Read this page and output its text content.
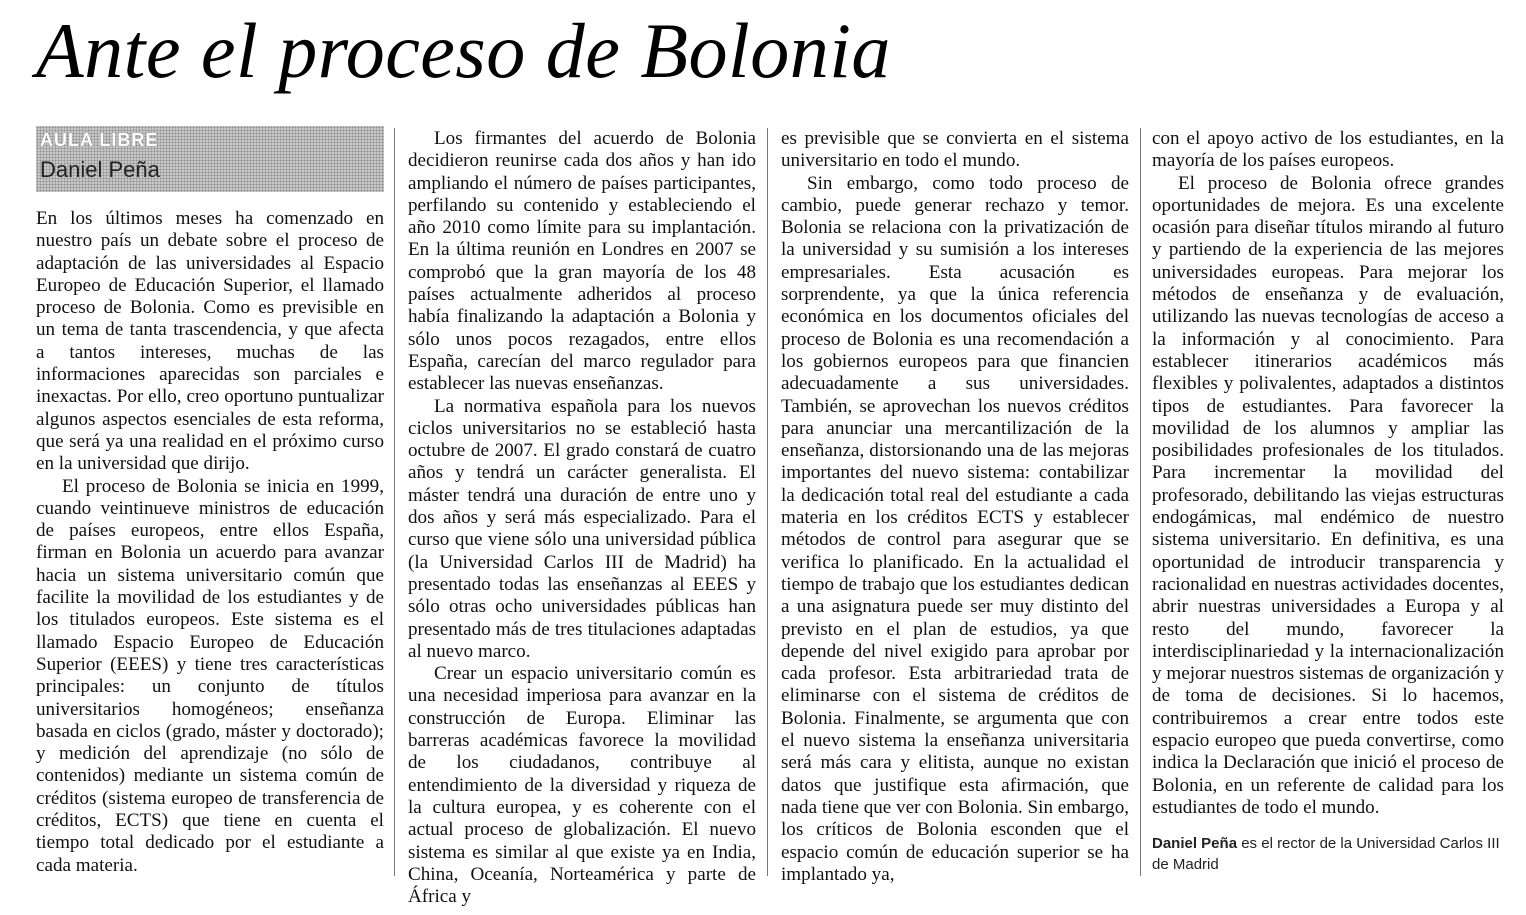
Ante el proceso de Bolonia
AULA LIBRE
Daniel Peña

En los últimos meses ha comenzado en nuestro país un debate sobre el proceso de adaptación de las universidades al Espacio Europeo de Educación Superior, el llamado proceso de Bolonia. Como es previsible en un tema de tanta trascendencia, y que afecta a tantos intereses, muchas de las informaciones aparecidas son parciales e inexactas. Por ello, creo oportuno puntualizar algunos aspectos esenciales de esta reforma, que será ya una realidad en el próximo curso en la universidad que dirijo.

El proceso de Bolonia se inicia en 1999, cuando veintinueve ministros de educación de países europeos, entre ellos España, firman en Bolonia un acuerdo para avanzar hacia un sistema universitario común que facilite la movilidad de los estudiantes y de los titulados europeos. Este sistema es el llamado Espacio Europeo de Educación Superior (EEES) y tiene tres características principales: un conjunto de títulos universitarios homogéneos; enseñanza basada en ciclos (grado, máster y doctorado); y medición del aprendizaje (no sólo de contenidos) mediante un sistema común de créditos (sistema europeo de transferencia de créditos, ECTS) que tiene en cuenta el tiempo total dedicado por el estudiante a cada materia.

Los firmantes del acuerdo de Bolonia decidieron reunirse cada dos años y han ido ampliando el número de países participantes, perfilando su contenido y estableciendo el año 2010 como límite para su implantación. En la última reunión en Londres en 2007 se comprobó que la gran mayoría de los 48 países actualmente adheridos al proceso había finalizando la adaptación a Bolonia y sólo unos pocos rezagados, entre ellos España, carecían del marco regulador para establecer las nuevas enseñanzas.

La normativa española para los nuevos ciclos universitarios no se estableció hasta octubre de 2007. El grado constará de cuatro años y tendrá un carácter generalista. El máster tendrá una duración de entre uno y dos años y será más especializado. Para el curso que viene sólo una universidad pública (la Universidad Carlos III de Madrid) ha presentado todas las enseñanzas al EEES y sólo otras ocho universidades públicas han presentado más de tres titulaciones adaptadas al nuevo marco.

Crear un espacio universitario común es una necesidad imperiosa para avanzar en la construcción de Europa. Eliminar las barreras académicas favorece la movilidad de los ciudadanos, contribuye al entendimiento de la diversidad y riqueza de la cultura europea, y es coherente con el actual proceso de globalización. El nuevo sistema es similar al que existe ya en India, China, Oceanía, Norteamérica y parte de África y

es previsible que se convierta en el sistema universitario en todo el mundo.

Sin embargo, como todo proceso de cambio, puede generar rechazo y temor. Bolonia se relaciona con la privatización de la universidad y su sumisión a los intereses empresariales. Esta acusación es sorprendente, ya que la única referencia económica en los documentos oficiales del proceso de Bolonia es una recomendación a los gobiernos europeos para que financien adecuadamente a sus universidades. También, se aprovechan los nuevos créditos para anunciar una mercantilización de la enseñanza, distorsionando una de las mejoras importantes del nuevo sistema: contabilizar la dedicación total real del estudiante a cada materia en los créditos ECTS y establecer métodos de control para asegurar que se verifica lo planificado. En la actualidad el tiempo de trabajo que los estudiantes dedican a una asignatura puede ser muy distinto del previsto en el plan de estudios, ya que depende del nivel exigido para aprobar por cada profesor. Esta arbitrariedad trata de eliminarse con el sistema de créditos de Bolonia. Finalmente, se argumenta que con el nuevo sistema la enseñanza universitaria será más cara y elitista, aunque no existan datos que justifique esta afirmación, que nada tiene que ver con Bolonia. Sin embargo, los críticos de Bolonia esconden que el espacio común de educación superior se ha implantado ya,

con el apoyo activo de los estudiantes, en la mayoría de los países europeos.

El proceso de Bolonia ofrece grandes oportunidades de mejora. Es una excelente ocasión para diseñar títulos mirando al futuro y partiendo de la experiencia de las mejores universidades europeas. Para mejorar los métodos de enseñanza y de evaluación, utilizando las nuevas tecnologías de acceso a la información y al conocimiento. Para establecer itinerarios académicos más flexibles y polivalentes, adaptados a distintos tipos de estudiantes. Para favorecer la movilidad de los alumnos y ampliar las posibilidades profesionales de los titulados. Para incrementar la movilidad del profesorado, debilitando las viejas estructuras endogámicas, mal endémico de nuestro sistema universitario. En definitiva, es una oportunidad de introducir transparencia y racionalidad en nuestras actividades docentes, abrir nuestras universidades a Europa y al resto del mundo, favorecer la interdisciplinariedad y la internacionalización y mejorar nuestros sistemas de organización y de toma de decisiones. Si lo hacemos, contribuiremos a crear entre todos este espacio europeo que pueda convertirse, como indica la Declaración que inició el proceso de Bolonia, en un referente de calidad para los estudiantes de todo el mundo.

Daniel Peña es el rector de la Universidad Carlos III de Madrid
